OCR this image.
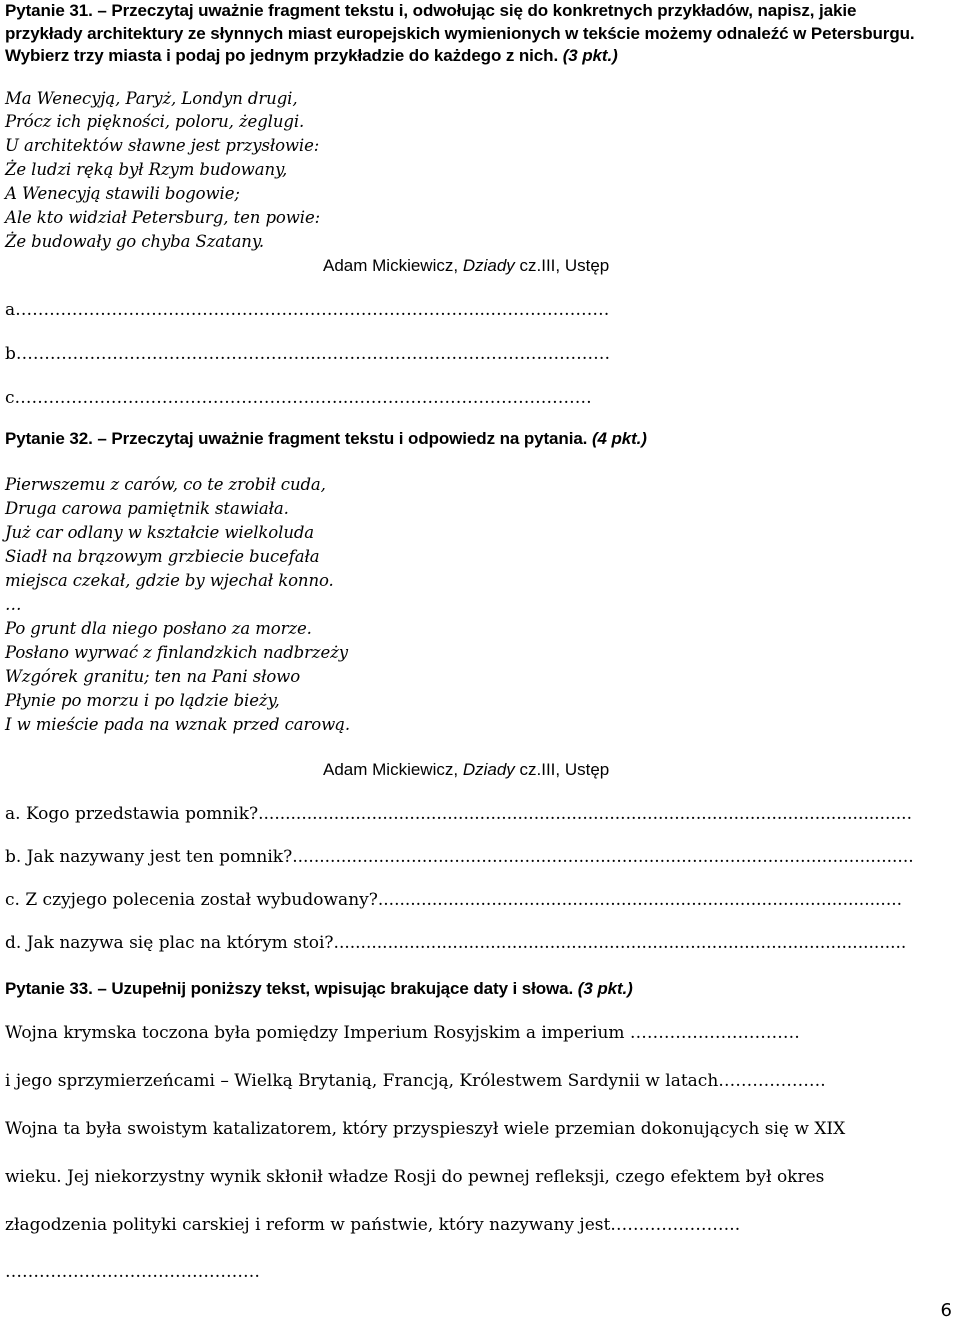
Pytanie 31. – Przeczytaj uważnie fragment tekstu i, odwołując się do konkretnych przykładów, napisz, jakie
przykłady architektury ze słynnych miast europejskich wymienionych w tekście możemy odnaleźć w Petersburgu.
Wybierz trzy miasta i podaj po jednym przykładzie do każdego z nich. (3 pkt.)
Ma Wenecyją, Paryż, Londyn drugi,
Prócz ich piękności, poloru, żeglugi.
U architektów sławne jest przysłowie:
Że ludzi ręką był Rzym budowany,
A Wenecyją stawili bogowie;
Ale kto widział Petersburg, ten powie:
Że budowały go chyba Szatany.
Adam Mickiewicz, Dziady cz.III, Ustęp
a………………………………………………………………………...…………………
b……………………………………………...……………………………………………
c…………………………………………………...……………………………………
Pytanie 32. – Przeczytaj uważnie fragment tekstu i odpowiedz na pytania. (4 pkt.)
Pierwszemu z carów, co te zrobił cuda,
Druga carowa pamiętnik stawiała.
Już car odlany w kształcie wielkoluda
Siadł na brązowym grzbiecie bucefała
miejsca czekał, gdzie by wjechał konno.
…
Po grunt dla niego posłano za morze.
Posłano wyrwać z finlandzkich nadbrzeży
Wzgórek granitu; ten na Pani słowo
Płynie po morzu i po lądzie bieży,
I w mieście pada na wznak przed carową.
Adam Mickiewicz, Dziady cz.III, Ustęp
a. Kogo przedstawia pomnik?.........................................................................................................................
b. Jak nazywany jest ten pomnik?...................................................................................................................
c. Z czyjego polecenia został wybudowany?.................................................................................................
d. Jak nazywa się plac na którym stoi?..........................................................................................................
Pytanie 33. – Uzupełnij poniższy tekst, wpisując brakujące daty i słowa. (3 pkt.)
Wojna krymska toczona była pomiędzy Imperium Rosyjskim a imperium …………………………
i jego sprzymierzeńcami – Wielką Brytanią, Francją, Królestwem Sardynii w latach……………….
Wojna ta była swoistym katalizatorem, który przyspieszył wiele przemian dokonujących się w XIX
wieku. Jej niekorzystny wynik skłonił władze Rosji do pewnej refleksji, czego efektem był okres
złagodzenia polityki carskiej i reform w państwie, który nazywany jest…………………..
………………………………………
6
